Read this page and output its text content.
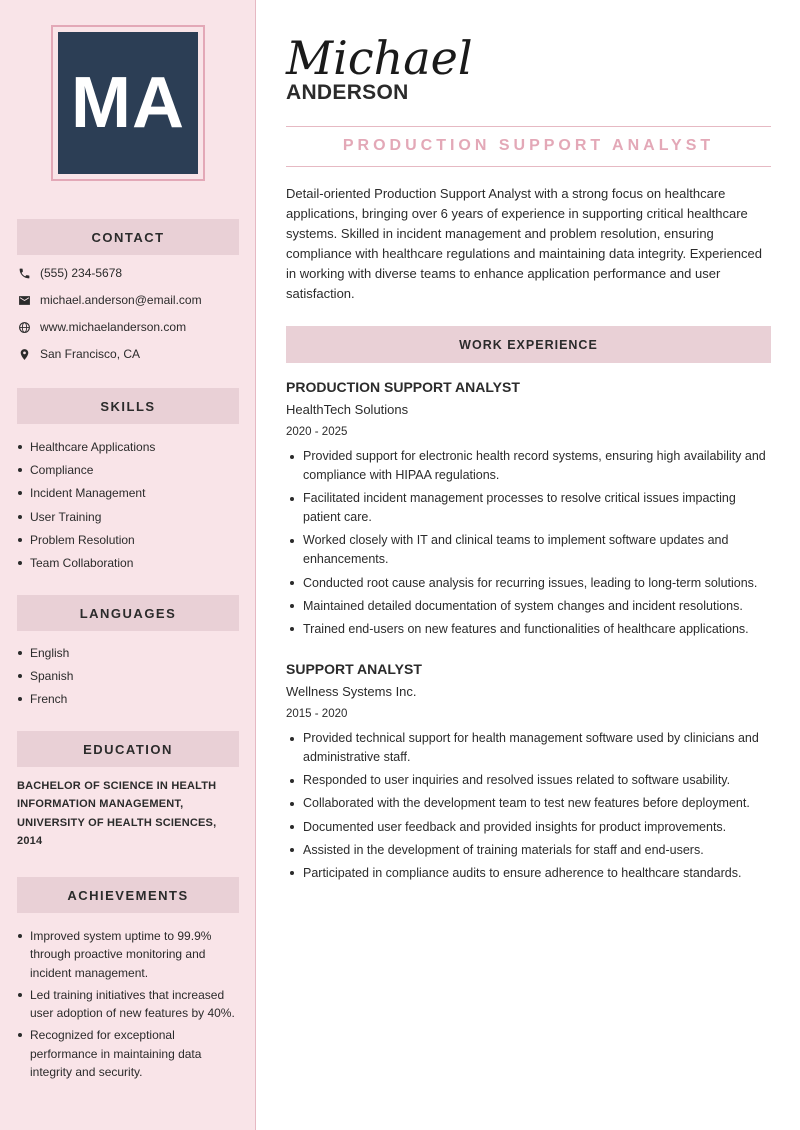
MA
CONTACT
(555) 234-5678
michael.anderson@email.com
www.michaelanderson.com
San Francisco, CA
SKILLS
Healthcare Applications
Compliance
Incident Management
User Training
Problem Resolution
Team Collaboration
LANGUAGES
English
Spanish
French
EDUCATION
BACHELOR OF SCIENCE IN HEALTH INFORMATION MANAGEMENT, UNIVERSITY OF HEALTH SCIENCES, 2014
ACHIEVEMENTS
Improved system uptime to 99.9% through proactive monitoring and incident management.
Led training initiatives that increased user adoption of new features by 40%.
Recognized for exceptional performance in maintaining data integrity and security.
Michael
ANDERSON
PRODUCTION SUPPORT ANALYST
Detail-oriented Production Support Analyst with a strong focus on healthcare applications, bringing over 6 years of experience in supporting critical healthcare systems. Skilled in incident management and problem resolution, ensuring compliance with healthcare regulations and maintaining data integrity. Experienced in working with diverse teams to enhance application performance and user satisfaction.
WORK EXPERIENCE
PRODUCTION SUPPORT ANALYST
HealthTech Solutions
2020 - 2025
Provided support for electronic health record systems, ensuring high availability and compliance with HIPAA regulations.
Facilitated incident management processes to resolve critical issues impacting patient care.
Worked closely with IT and clinical teams to implement software updates and enhancements.
Conducted root cause analysis for recurring issues, leading to long-term solutions.
Maintained detailed documentation of system changes and incident resolutions.
Trained end-users on new features and functionalities of healthcare applications.
SUPPORT ANALYST
Wellness Systems Inc.
2015 - 2020
Provided technical support for health management software used by clinicians and administrative staff.
Responded to user inquiries and resolved issues related to software usability.
Collaborated with the development team to test new features before deployment.
Documented user feedback and provided insights for product improvements.
Assisted in the development of training materials for staff and end-users.
Participated in compliance audits to ensure adherence to healthcare standards.
